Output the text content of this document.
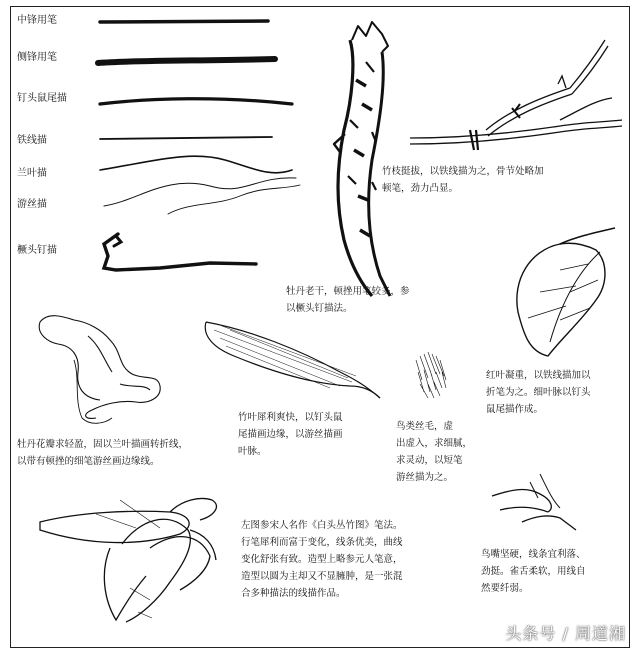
中锋用笔
侧锋用笔
钉头鼠尾描
铁线描
兰叶描
游丝描
橛头钉描
竹枝挺拔，以铁线描为之，骨节处略加
顿笔，劲力凸显。
牡丹老干，顿挫用笔较多，参
以橛头钉描法。
红叶凝重，以铁线描加以
折笔为之。细叶脉以钉头
鼠尾描作成。
牡丹花瓣求轻盈，固以兰叶描画转折线，
以带有顿挫的细笔游丝画边缘线。
竹叶犀利爽快，以钉头鼠
尾描画边缘，以游丝描画
叶脉。
鸟类丝毛，虚
出虚入，求细腻，
求灵动，以短笔
游丝描为之。
左图参宋人名作《白头丛竹图》笔法。
行笔犀利而富于变化，线条优美，曲线
变化舒张有致。造型上略参元人笔意，
造型以圆为主却又不显臃肿，是一张混
合多种描法的线描作品。
鸟嘴坚硬，线条宜利落、
劲挺。雀舌柔软，用线自
然要纤弱。
头条号 / 周道湘
